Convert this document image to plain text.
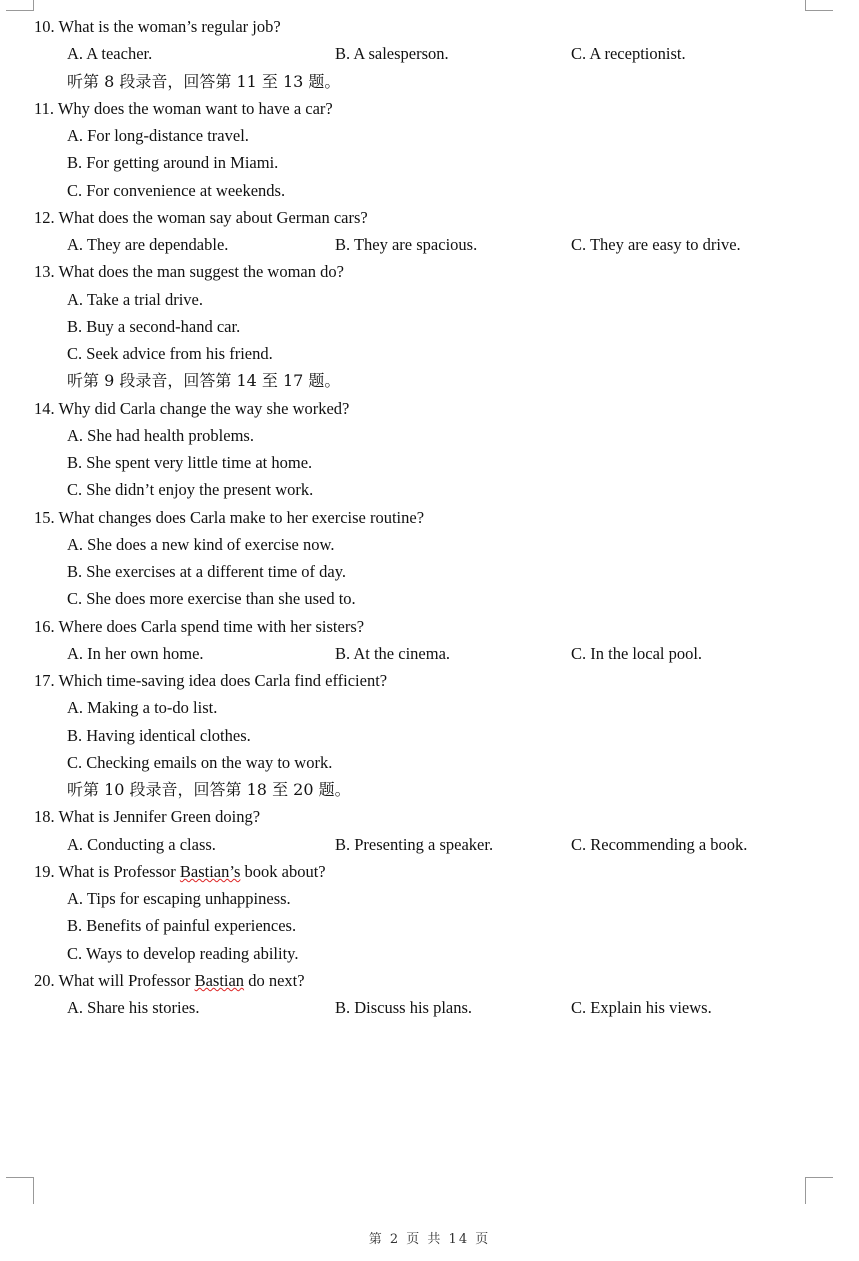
10. What is the woman’s regular job?
A. A teacher.	B. A salesperson.	C. A receptionist.
听第 8 段录音，回答第 11 至 13 题。
11. Why does the woman want to have a car?
A. For long-distance travel.
B. For getting around in Miami.
C. For convenience at weekends.
12. What does the woman say about German cars?
A. They are dependable.	B. They are spacious.	C. They are easy to drive.
13. What does the man suggest the woman do?
A. Take a trial drive.
B. Buy a second-hand car.
C. Seek advice from his friend.
听第 9 段录音，回答第 14 至 17 题。
14. Why did Carla change the way she worked?
A. She had health problems.
B. She spent very little time at home.
C. She didn’t enjoy the present work.
15. What changes does Carla make to her exercise routine?
A. She does a new kind of exercise now.
B. She exercises at a different time of day.
C. She does more exercise than she used to.
16. Where does Carla spend time with her sisters?
A. In her own home.	B. At the cinema.	C. In the local pool.
17. Which time-saving idea does Carla find efficient?
A. Making a to-do list.
B. Having identical clothes.
C. Checking emails on the way to work.
听第 10 段录音，回答第 18 至 20 题。
18. What is Jennifer Green doing?
A. Conducting a class.	B. Presenting a speaker.	C. Recommending a book.
19. What is Professor Bastian’s book about?
A. Tips for escaping unhappiness.
B. Benefits of painful experiences.
C. Ways to develop reading ability.
20. What will Professor Bastian do next?
A. Share his stories.	B. Discuss his plans.	C. Explain his views.
第 2 页 共 14 页
